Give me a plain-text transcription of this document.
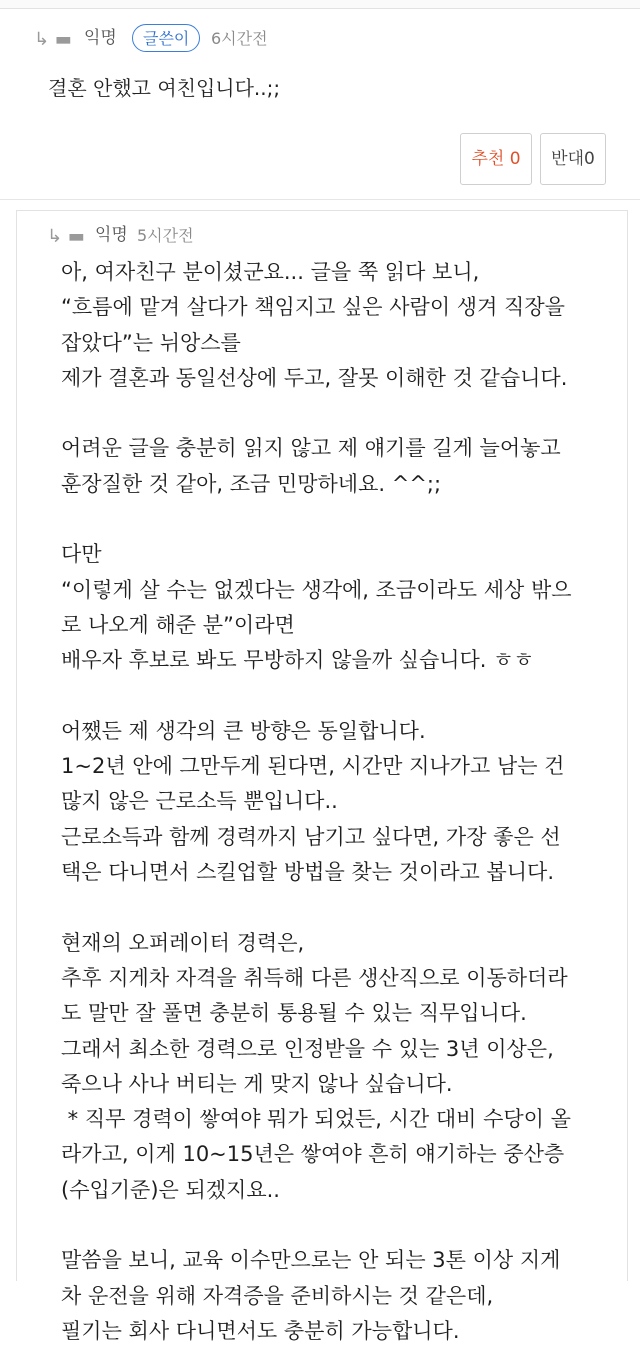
↳ ▬ 익명	글쓴이	6시간전
결혼 안했고 여친입니다..;;
추천 0	반대0
↳ ▬ 익명 5시간전
아, 여자친구 분이셨군요... 글을 쭉 읽다 보니,
“흐름에 맡겨 살다가 책임지고 싶은 사람이 생겨 직장을
잡았다”는 뉘앙스를
제가 결혼과 동일선상에 두고, 잘못 이해한 것 같습니다.
어려운 글을 충분히 읽지 않고 제 얘기를 길게 늘어놓고
훈장질한 것 같아, 조금 민망하네요. ^^;;
다만
“이렇게 살 수는 없겠다는 생각에, 조금이라도 세상 밖으
로 나오게 해준 분”이라면
배우자 후보로 봐도 무방하지 않을까 싶습니다. ㅎㅎ
어쨌든 제 생각의 큰 방향은 동일합니다.
1~2년 안에 그만두게 된다면, 시간만 지나가고 남는 건
많지 않은 근로소득 뿐입니다..
근로소득과 함께 경력까지 남기고 싶다면, 가장 좋은 선
택은 다니면서 스킬업할 방법을 찾는 것이라고 봅니다.
현재의 오퍼레이터 경력은,
추후 지게차 자격을 취득해 다른 생산직으로 이동하더라
도 말만 잘 풀면 충분히 통용될 수 있는 직무입니다.
그래서 최소한 경력으로 인정받을 수 있는 3년 이상은,
죽으나 사나 버티는 게 맞지 않나 싶습니다.
* 직무 경력이 쌓여야 뭐가 되었든, 시간 대비 수당이 올
라가고, 이게 10~15년은 쌓여야 흔히 얘기하는 중산층
(수입기준)은 되겠지요..
말씀을 보니, 교육 이수만으로는 안 되는 3톤 이상 지게
차 운전을 위해 자격증을 준비하시는 것 같은데,
필기는 회사 다니면서도 충분히 가능합니다.
